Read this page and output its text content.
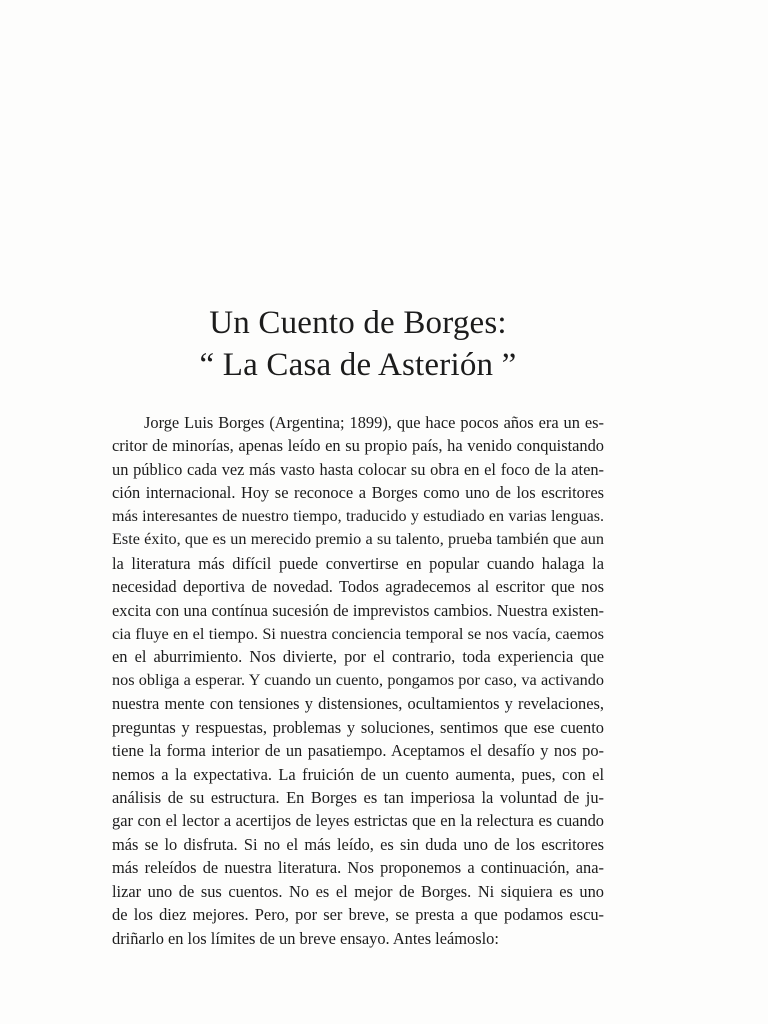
Un Cuento de Borges:
“ La Casa de Asterión ”
Jorge Luis Borges (Argentina; 1899), que hace pocos años era un es-
critor de minorías, apenas leído en su propio país, ha venido conquistando
un público cada vez más vasto hasta colocar su obra en el foco de la aten-
ción internacional. Hoy se reconoce a Borges como uno de los escritores
más interesantes de nuestro tiempo, traducido y estudiado en varias lenguas.
Este éxito, que es un merecido premio a su talento, prueba también que aun
la literatura más difícil puede convertirse en popular cuando halaga la
necesidad deportiva de novedad. Todos agradecemos al escritor que nos
excita con una contínua sucesión de imprevistos cambios. Nuestra existen-
cia fluye en el tiempo. Si nuestra conciencia temporal se nos vacía, caemos
en el aburrimiento. Nos divierte, por el contrario, toda experiencia que
nos obliga a esperar. Y cuando un cuento, pongamos por caso, va activando
nuestra mente con tensiones y distensiones, ocultamientos y revelaciones,
preguntas y respuestas, problemas y soluciones, sentimos que ese cuento
tiene la forma interior de un pasatiempo. Aceptamos el desafío y nos po-
nemos a la expectativa. La fruición de un cuento aumenta, pues, con el
análisis de su estructura. En Borges es tan imperiosa la voluntad de ju-
gar con el lector a acertijos de leyes estrictas que en la relectura es cuando
más se lo disfruta. Si no el más leído, es sin duda uno de los escritores
más releídos de nuestra literatura. Nos proponemos a continuación, ana-
lizar uno de sus cuentos. No es el mejor de Borges. Ni siquiera es uno
de los diez mejores. Pero, por ser breve, se presta a que podamos escu-
driñarlo en los límites de un breve ensayo. Antes leámoslo:
